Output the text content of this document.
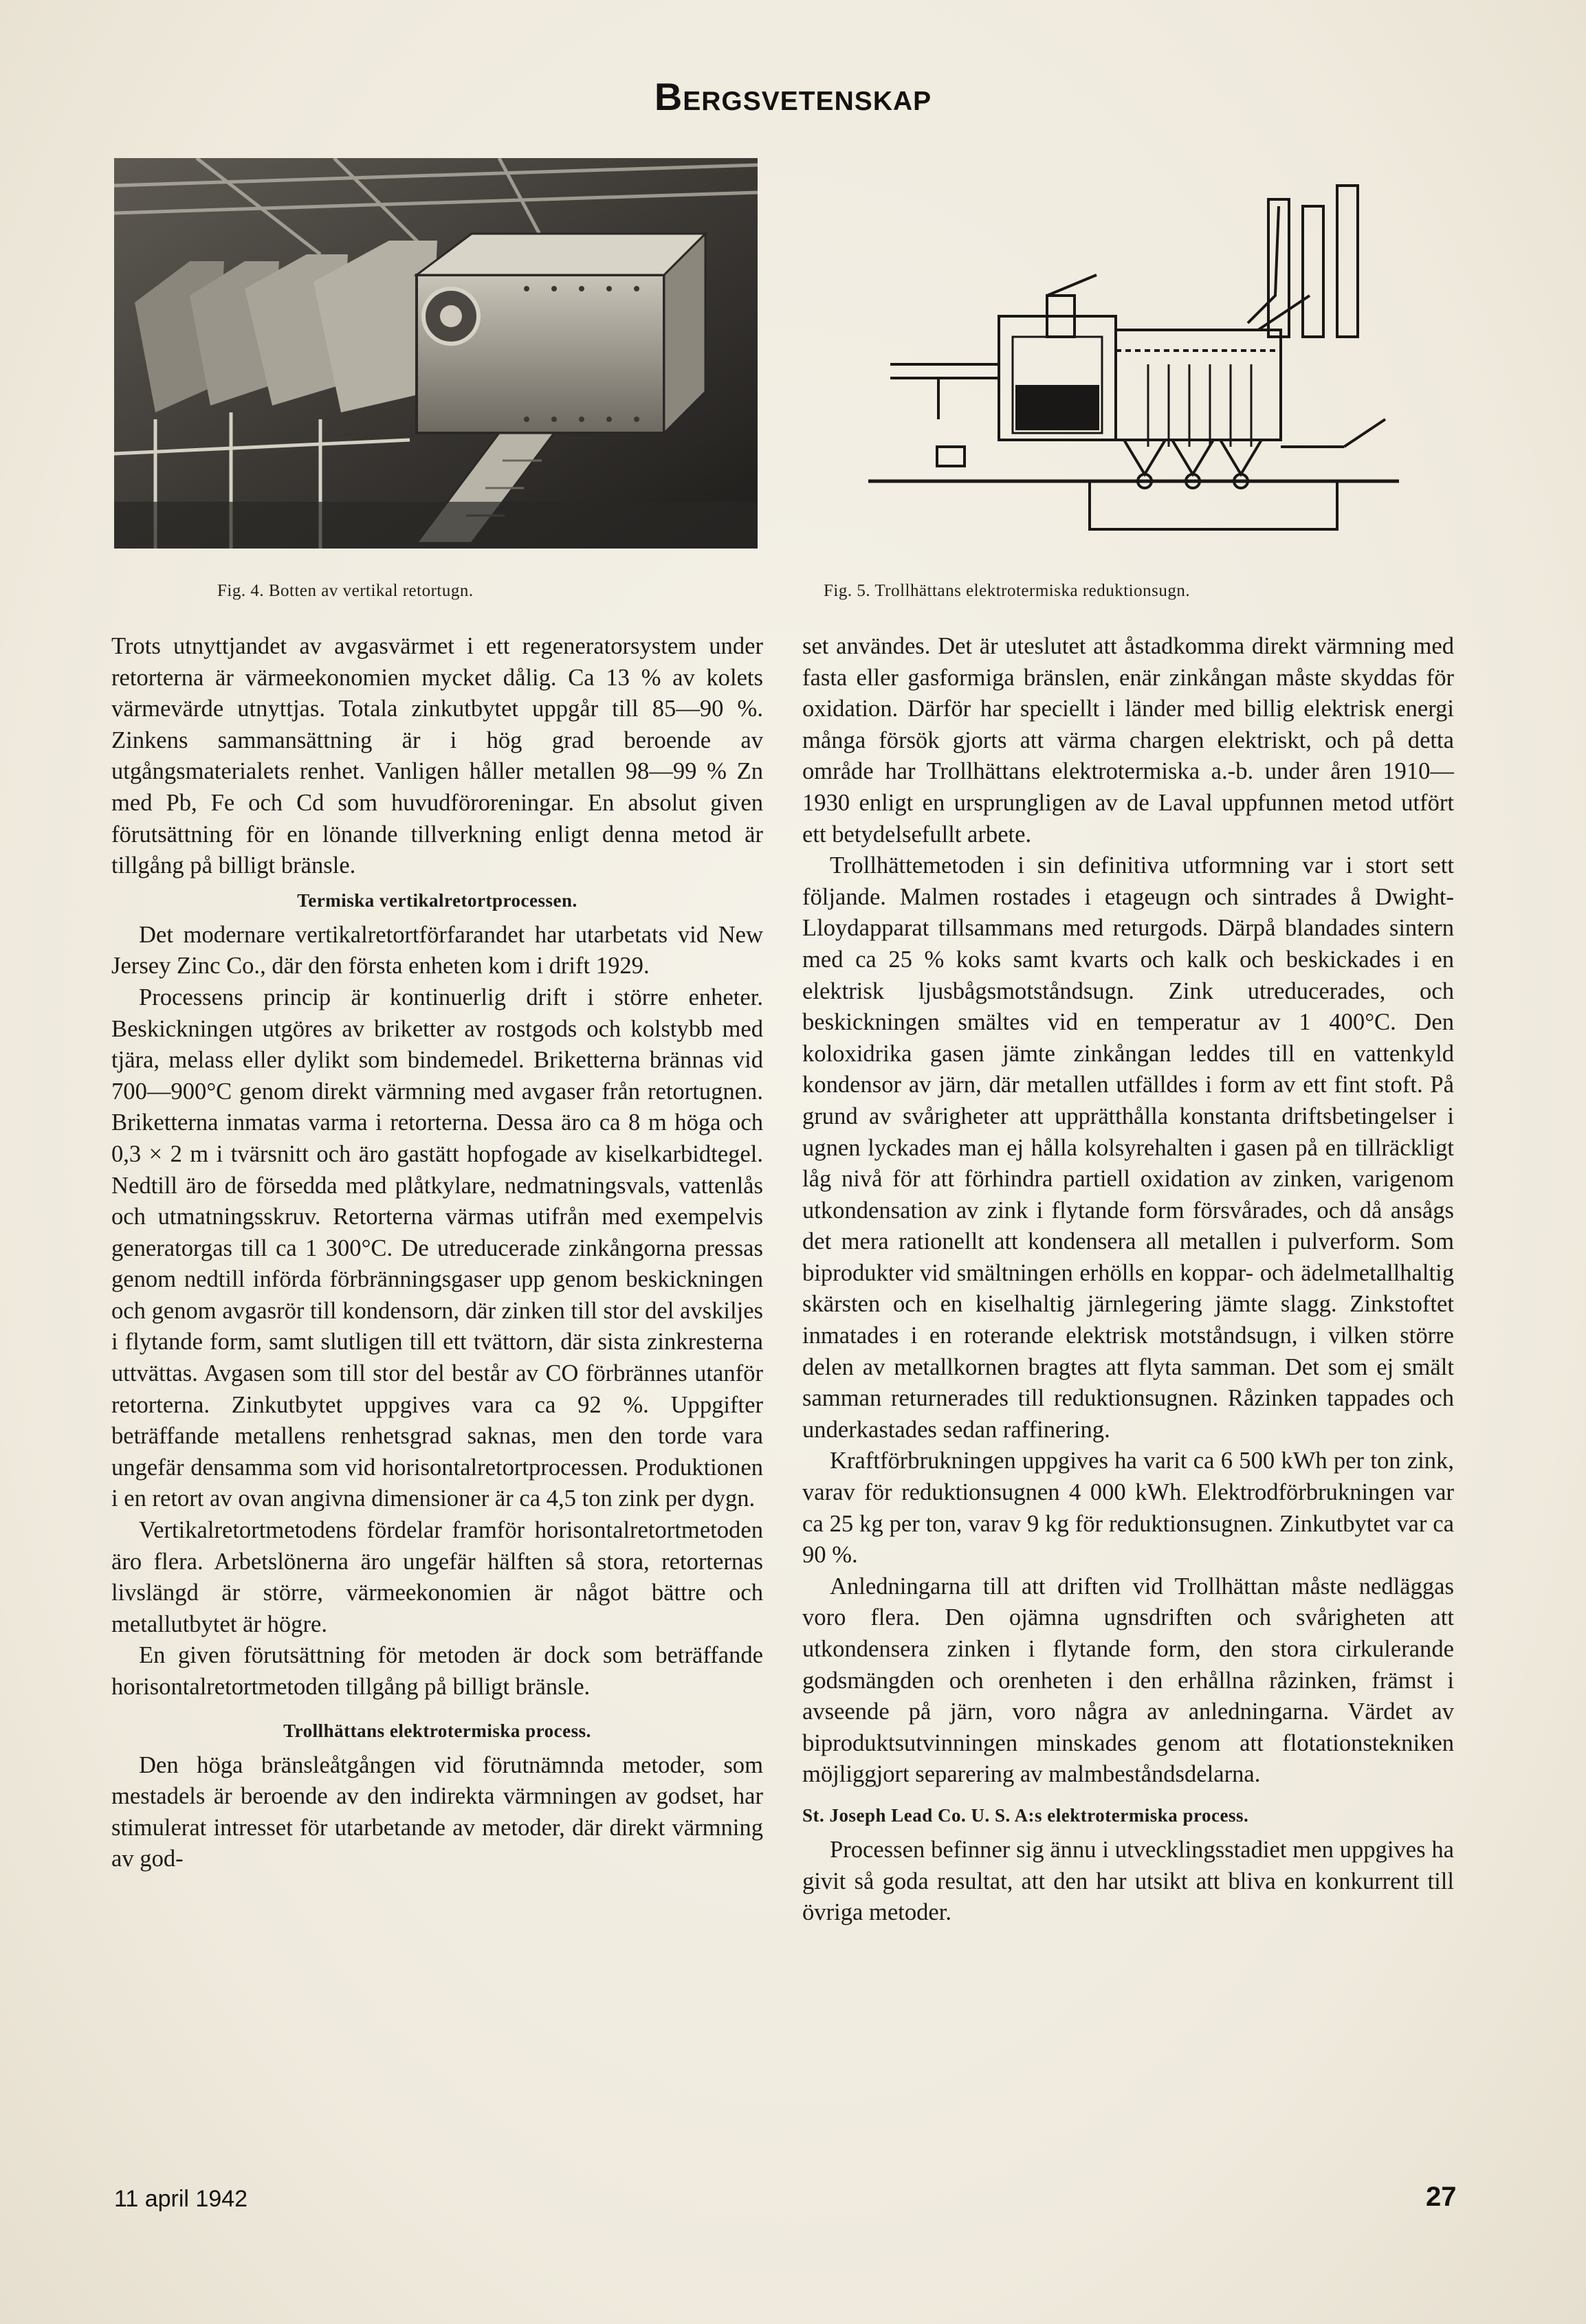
Bergsvetenskap
Fig. 4. Botten av vertikal retortugn.	Fig. 5. Trollhättans elektrotermiska reduktionsugn.

Trots utnyttjandet av avgasvärmet i ett regeneratorsystem under retorterna är värmeekonomien mycket dålig. Ca 13 % av kolets värmevärde utnyttjas. Totala zinkutbytet uppgår till 85—90 %. Zinkens sammansättning är i hög grad beroende av utgångsmaterialets renhet. Vanligen håller metallen 98—99 % Zn med Pb, Fe och Cd som huvudföroreningar. En absolut given förutsättning för en lönande tillverkning enligt denna metod är tillgång på billigt bränsle.

Termiska vertikalretortprocessen.

Det modernare vertikalretortförfarandet har utarbetats vid New Jersey Zinc Co., där den första enheten kom i drift 1929.

Processens princip är kontinuerlig drift i större enheter. Beskickningen utgöres av briketter av rostgods och kolstybb med tjära, melass eller dylikt som bindemedel. Briketterna brännas vid 700—900°C genom direkt värmning med avgaser från retortugnen. Briketterna inmatas varma i retorterna. Dessa äro ca 8 m höga och 0,3 × 2 m i tvärsnitt och äro gastätt hopfogade av kiselkarbidtegel. Nedtill äro de försedda med plåtkylare, nedmatningsvals, vattenlås och utmatningsskruv. Retorterna värmas utifrån med exempelvis generatorgas till ca 1 300°C. De utreducerade zinkångorna pressas genom nedtill införda förbränningsgaser upp genom beskickningen och genom avgasrör till kondensorn, där zinken till stor del avskiljes i flytande form, samt slutligen till ett tvättorn, där sista zinkresterna uttvättas. Avgasen som till stor del består av CO förbrännes utanför retorterna. Zinkutbytet uppgives vara ca 92 %. Uppgifter beträffande metallens renhetsgrad saknas, men den torde vara ungefär densamma som vid horisontalretortprocessen. Produktionen i en retort av ovan angivna dimensioner är ca 4,5 ton zink per dygn.

Vertikalretortmetodens fördelar framför horisontalretortmetoden äro flera. Arbetslönerna äro ungefär hälften så stora, retorternas livslängd är större, värmeekonomien är något bättre och metallutbytet är högre.

En given förutsättning för metoden är dock som beträffande horisontalretortmetoden tillgång på billigt bränsle.

Trollhättans elektrotermiska process.

Den höga bränsleåtgången vid förutnämnda metoder, som mestadels är beroende av den indirekta värmningen av godset, har stimulerat intresset för utarbetande av metoder, där direkt värmning av god-

set användes. Det är uteslutet att åstadkomma direkt värmning med fasta eller gasformiga bränslen, enär zinkångan måste skyddas för oxidation. Därför har speciellt i länder med billig elektrisk energi många försök gjorts att värma chargen elektriskt, och på detta område har Trollhättans elektrotermiska a.-b. under åren 1910—1930 enligt en ursprungligen av de Laval uppfunnen metod utfört ett betydelsefullt arbete.

Trollhättemetoden i sin definitiva utformning var i stort sett följande. Malmen rostades i etageugn och sintrades å Dwight-Lloydapparat tillsammans med returgods. Därpå blandades sintern med ca 25 % koks samt kvarts och kalk och beskickades i en elektrisk ljusbågsmotståndsugn. Zink utreducerades, och beskickningen smältes vid en temperatur av 1 400°C. Den koloxidrika gasen jämte zinkångan leddes till en vattenkyld kondensor av järn, där metallen utfälldes i form av ett fint stoft. På grund av svårigheter att upprätthålla konstanta driftsbetingelser i ugnen lyckades man ej hålla kolsyrehalten i gasen på en tillräckligt låg nivå för att förhindra partiell oxidation av zinken, varigenom utkondensation av zink i flytande form försvårades, och då ansågs det mera rationellt att kondensera all metallen i pulverform. Som biprodukter vid smältningen erhölls en koppar- och ädelmetallhaltig skärsten och en kiselhaltig järnlegering jämte slagg. Zinkstoftet inmatades i en roterande elektrisk motståndsugn, i vilken större delen av metallkornen bragtes att flyta samman. Det som ej smält samman returnerades till reduktionsugnen. Råzinken tappades och underkastades sedan raffinering.

Kraftförbrukningen uppgives ha varit ca 6 500 kWh per ton zink, varav för reduktionsugnen 4 000 kWh. Elektrodförbrukningen var ca 25 kg per ton, varav 9 kg för reduktionsugnen. Zinkutbytet var ca 90 %.

Anledningarna till att driften vid Trollhättan måste nedläggas voro flera. Den ojämna ugnsdriften och svårigheten att utkondensera zinken i flytande form, den stora cirkulerande godsmängden och orenheten i den erhållna råzinken, främst i avseende på järn, voro några av anledningarna. Värdet av biproduktsutvinningen minskades genom att flotationstekniken möjliggjort separering av malmbeståndsdelarna.

St. Joseph Lead Co. U. S. A:s elektrotermiska process.

Processen befinner sig ännu i utvecklingsstadiet men uppgives ha givit så goda resultat, att den har utsikt att bliva en konkurrent till övriga metoder.

11 april 1942	27
